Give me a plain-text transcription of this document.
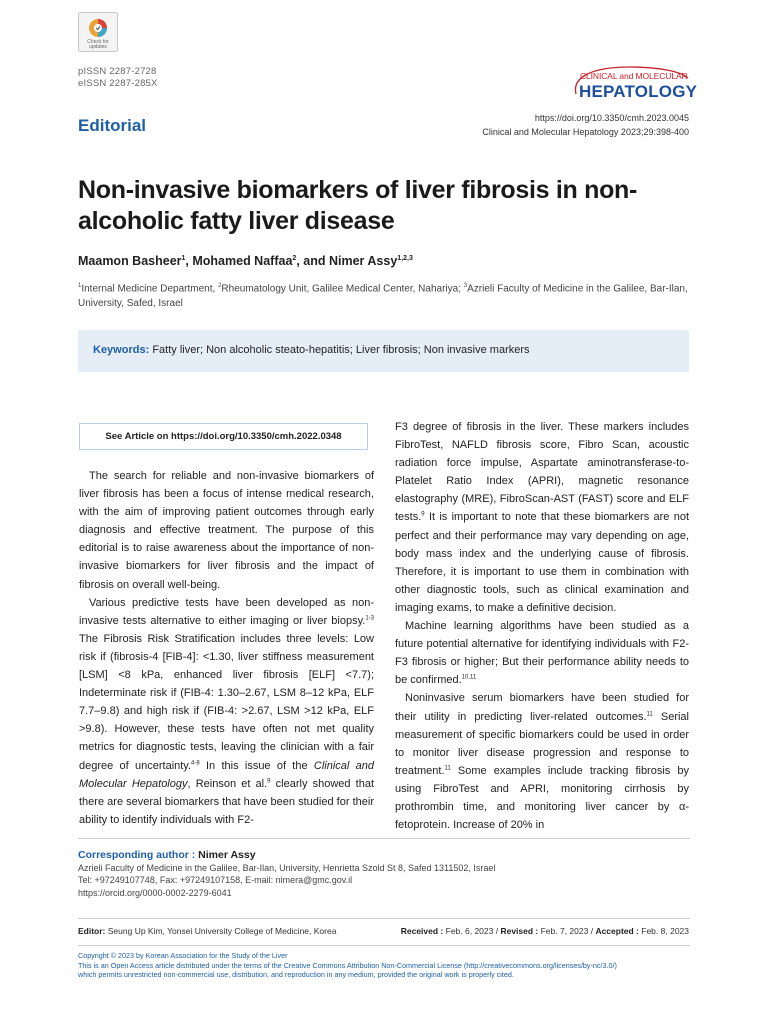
Check for updates
pISSN 2287-2728
eISSN 2287-285X
Editorial
CLINICAL and MOLECULAR
HEPATOLOGY
https://doi.org/10.3350/cmh.2023.0045
Clinical and Molecular Hepatology 2023;29:398-400
Non-invasive biomarkers of liver fibrosis in non-alcoholic fatty liver disease
Maamon Basheer$^1$, Mohamed Naffaa$^2$, and Nimer Assy$^{1,2,3}$
$^1$Internal Medicine Department, $^2$Rheumatology Unit, Galilee Medical Center, Nahariya; $^3$Azrieli Faculty of Medicine in the Galilee, Bar-Ilan, University, Safed, Israel
Keywords: Fatty liver; Non alcoholic steato-hepatitis; Liver fibrosis; Non invasive markers
See Article on https://doi.org/10.3350/cmh.2022.0348

The search for reliable and non-invasive biomarkers of liver fibrosis has been a focus of intense medical research, with the aim of improving patient outcomes through early diagnosis and effective treatment. The purpose of this editorial is to raise awareness about the importance of non-invasive biomarkers for liver fibrosis and the impact of fibrosis on overall well-being.

Various predictive tests have been developed as non-invasive tests alternative to either imaging or liver biopsy.$^{1-3}$ The Fibrosis Risk Stratification includes three levels: Low risk if (fibrosis-4 [FIB-4]: <1.30, liver stiffness measurement [LSM] <8 kPa, enhanced liver fibrosis [ELF] <7.7); Indeterminate risk if (FIB-4: 1.30–2.67, LSM 8–12 kPa, ELF 7.7–9.8) and high risk if (FIB-4: >2.67, LSM >12 kPa, ELF >9.8). However, these tests have often not met quality metrics for diagnostic tests, leaving the clinician with a fair degree of uncertainty.$^{4-8}$ In this issue of the Clinical and Molecular Hepatology, Reinson et al.$^9$ clearly showed that there are several biomarkers that have been studied for their ability to identify individuals with F2-

F3 degree of fibrosis in the liver. These markers includes FibroTest, NAFLD fibrosis score, Fibro Scan, acoustic radiation force impulse, Aspartate aminotransferase-to-Platelet Ratio Index (APRI), magnetic resonance elastography (MRE), FibroScan-AST (FAST) score and ELF tests.$^9$ It is important to note that these biomarkers are not perfect and their performance may vary depending on age, body mass index and the underlying cause of fibrosis. Therefore, it is important to use them in combination with other diagnostic tools, such as clinical examination and imaging exams, to make a definitive decision.

Machine learning algorithms have been studied as a future potential alternative for identifying individuals with F2-F3 fibrosis or higher; But their performance ability needs to be confirmed.$^{10,11}$

Noninvasive serum biomarkers have been studied for their utility in predicting liver-related outcomes.$^{11}$ Serial measurement of specific biomarkers could be used in order to monitor liver disease progression and response to treatment.$^{11}$ Some examples include tracking fibrosis by using FibroTest and APRI, monitoring cirrhosis by prothrombin time, and monitoring liver cancer by α-fetoprotein. Increase of 20% in

Corresponding author : Nimer Assy
Azrieli Faculty of Medicine in the Galilee, Bar-Ilan, University, Henrietta Szold St 8, Safed 1311502, Israel
Tel: +97249107748, Fax: +97249107158, E-mail: nimera@gmc.gov.il
https://orcid.org/0000-0002-2279-6041
Editor: Seung Up Kim, Yonsei University College of Medicine, Korea	Received : Feb. 6, 2023 / Revised : Feb. 7, 2023 / Accepted : Feb. 8, 2023
Copyright © 2023 by Korean Association for the Study of the Liver
This is an Open Access article distributed under the terms of the Creative Commons Attribution Non-Commercial License (http://creativecommons.org/licenses/by-nc/3.0/)
which permits unrestricted non-commercial use, distribution, and reproduction in any medium, provided the original work is properly cited.
